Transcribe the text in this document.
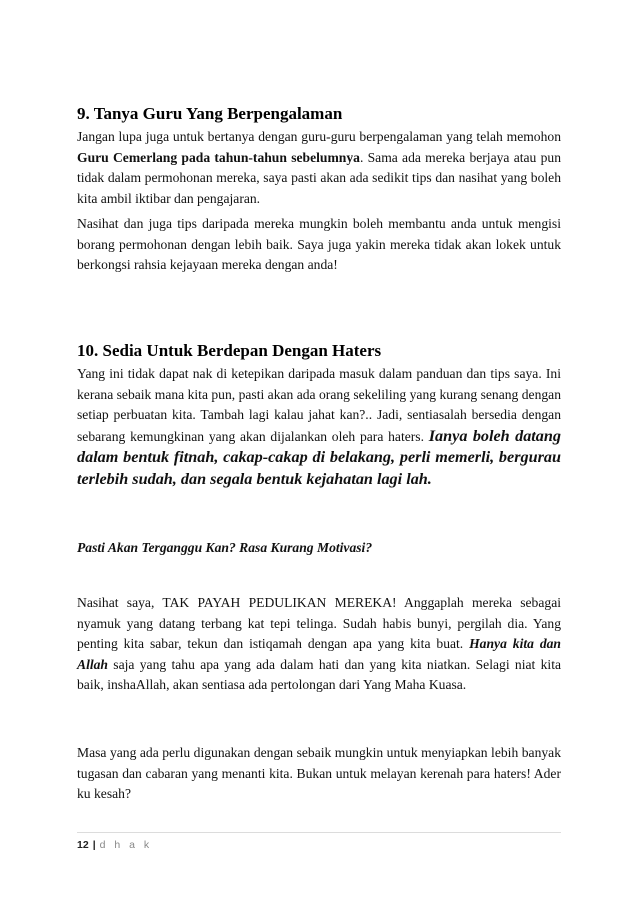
9. Tanya Guru Yang Berpengalaman

Jangan lupa juga untuk bertanya dengan guru-guru berpengalaman yang telah memohon Guru Cemerlang pada tahun-tahun sebelumnya. Sama ada mereka berjaya atau pun tidak dalam permohonan mereka, saya pasti akan ada sedikit tips dan nasihat yang boleh kita ambil iktibar dan pengajaran.

Nasihat dan juga tips daripada mereka mungkin boleh membantu anda untuk mengisi borang permohonan dengan lebih baik. Saya juga yakin mereka tidak akan lokek untuk berkongsi rahsia kejayaan mereka dengan anda!

10. Sedia Untuk Berdepan Dengan Haters

Yang ini tidak dapat nak di ketepikan daripada masuk dalam panduan dan tips saya. Ini kerana sebaik mana kita pun, pasti akan ada orang sekeliling yang kurang senang dengan setiap perbuatan kita. Tambah lagi kalau jahat kan?.. Jadi, sentiasalah bersedia dengan sebarang kemungkinan yang akan dijalankan oleh para haters. Ianya boleh datang dalam bentuk fitnah, cakap-cakap di belakang, perli memerli, bergurau terlebih sudah, dan segala bentuk kejahatan lagi lah.

Pasti Akan Terganggu Kan? Rasa Kurang Motivasi?

Nasihat saya, TAK PAYAH PEDULIKAN MEREKA! Anggaplah mereka sebagai nyamuk yang datang terbang kat tepi telinga. Sudah habis bunyi, pergilah dia. Yang penting kita sabar, tekun dan istiqamah dengan apa yang kita buat. Hanya kita dan Allah saja yang tahu apa yang ada dalam hati dan yang kita niatkan. Selagi niat kita baik, inshaAllah, akan sentiasa ada pertolongan dari Yang Maha Kuasa.

Masa yang ada perlu digunakan dengan sebaik mungkin untuk menyiapkan lebih banyak tugasan dan cabaran yang menanti kita. Bukan untuk melayan kerenah para haters! Ader ku kesah?

12 | d h a k
